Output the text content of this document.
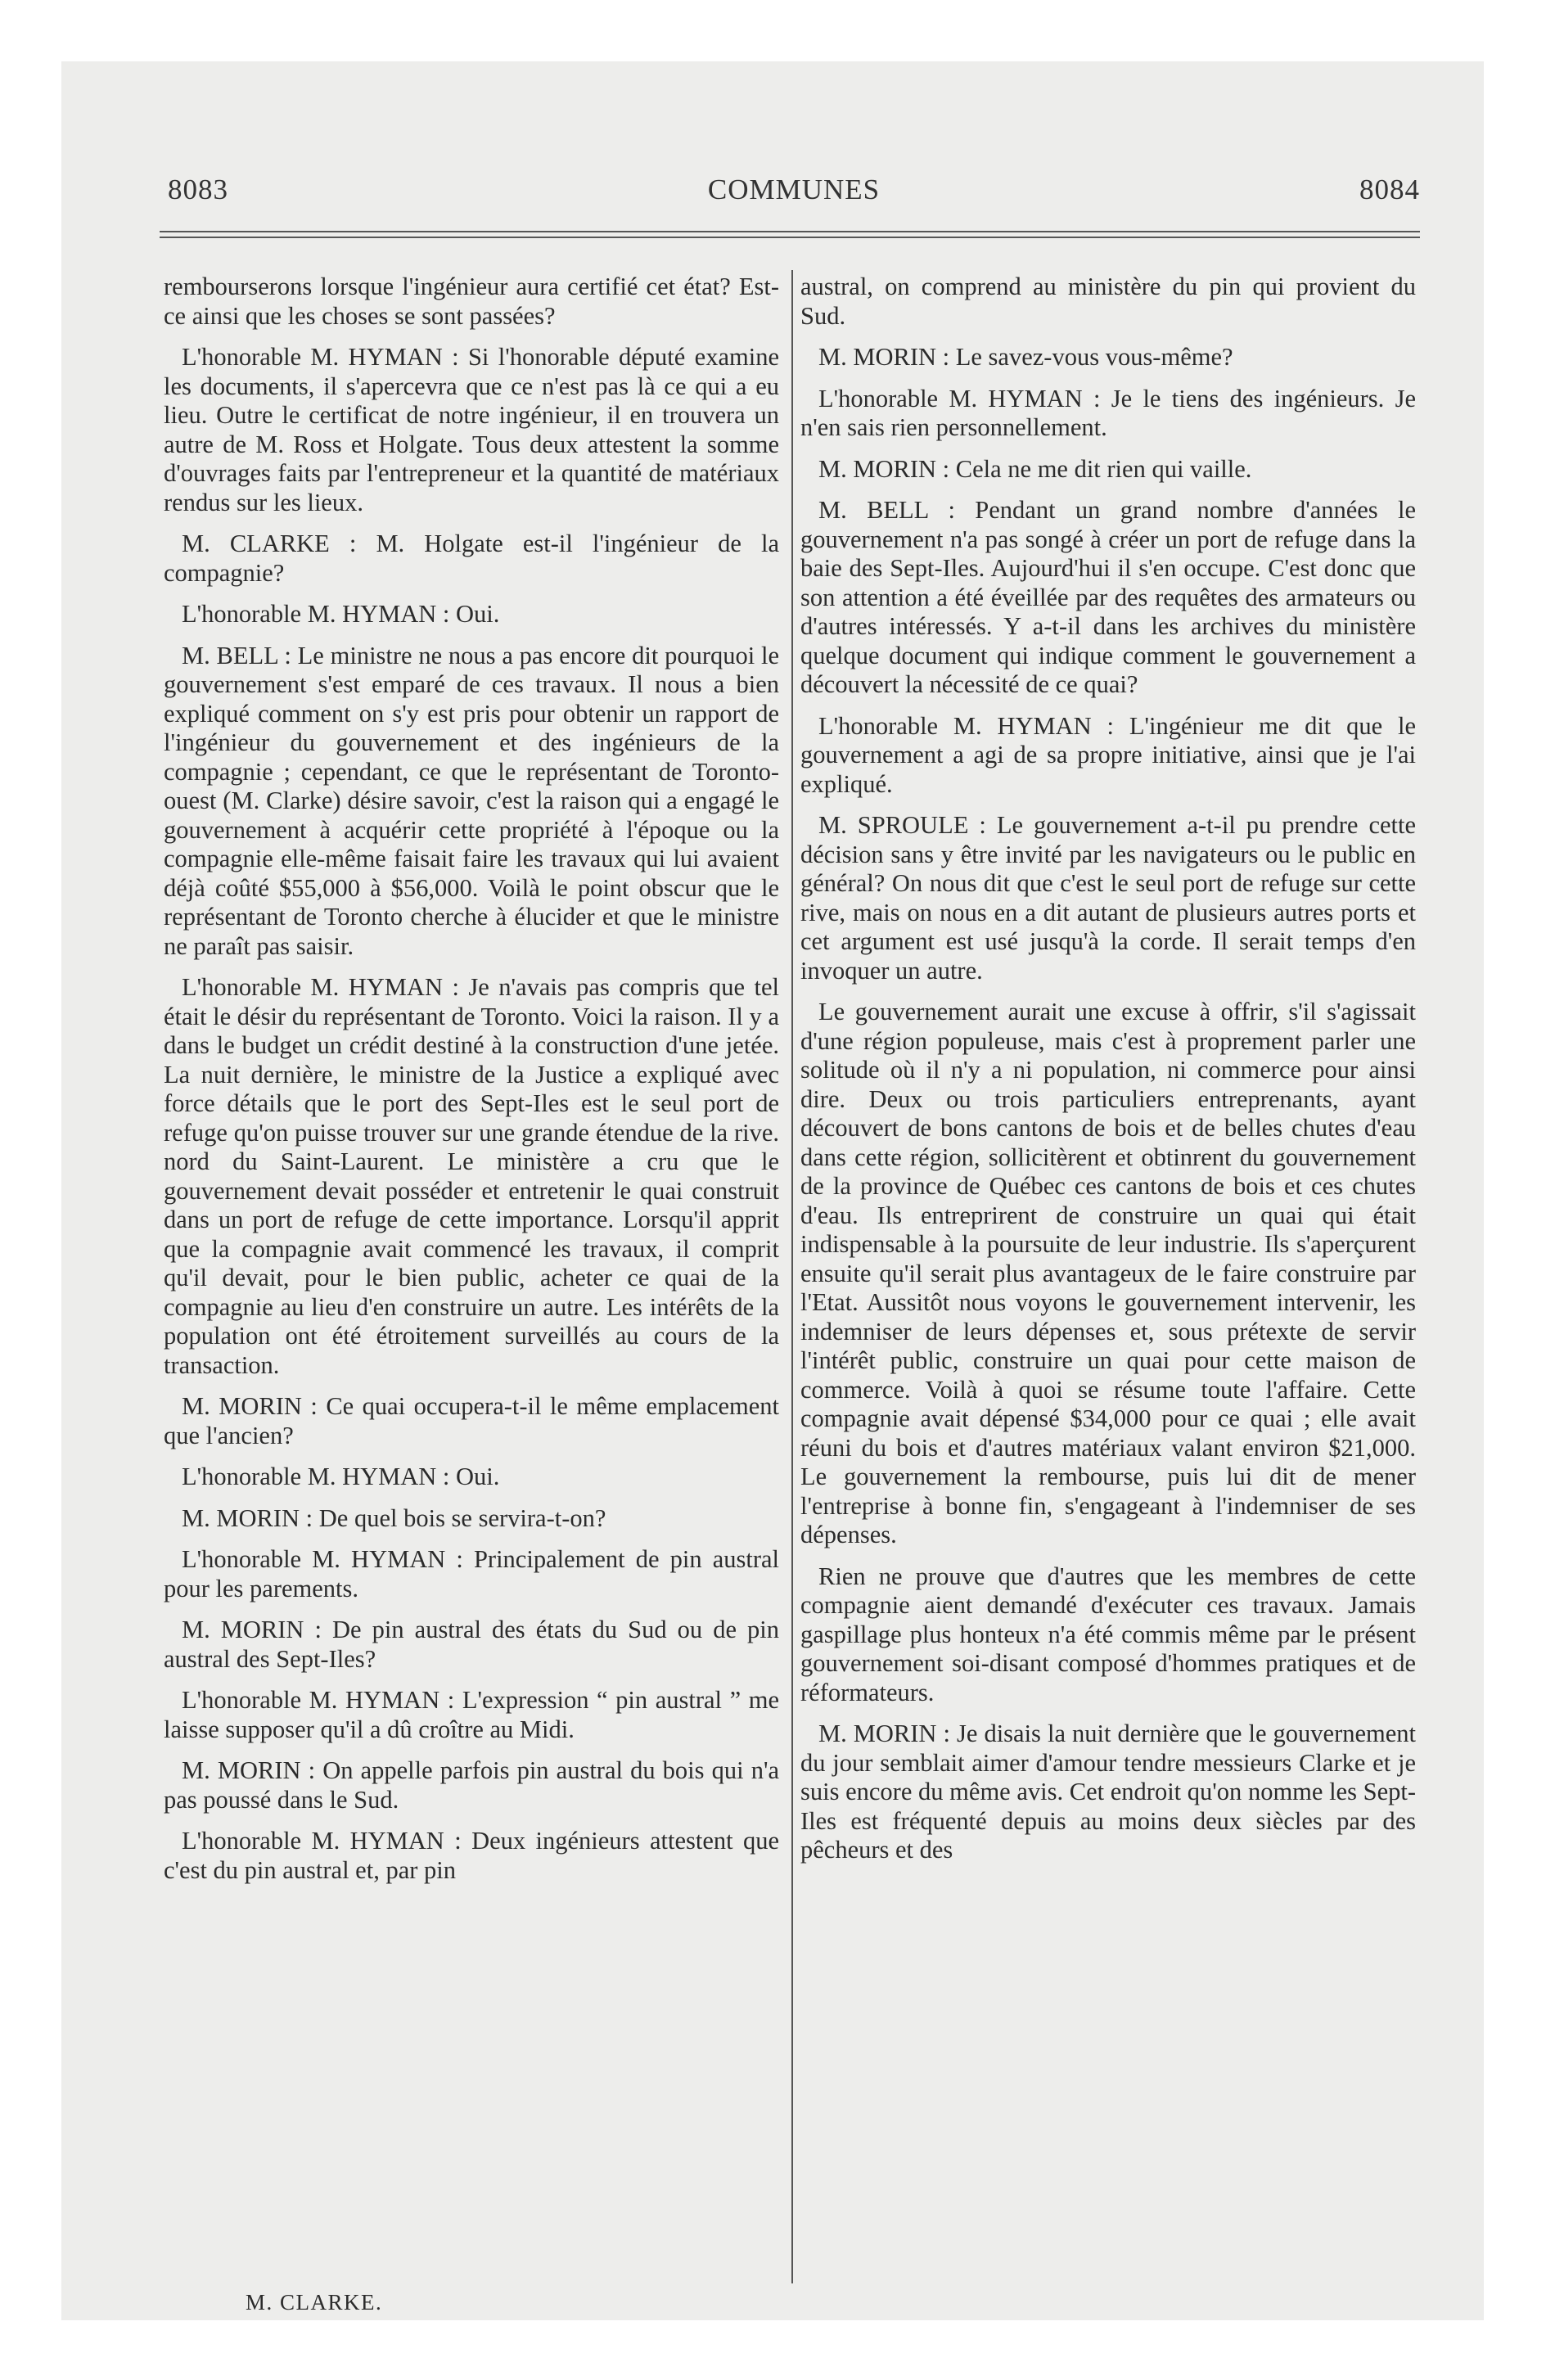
8083	COMMUNES	8084

rembourserons lorsque l'ingénieur aura certifié cet état? Est-ce ainsi que les choses se sont passées?

L'honorable M. HYMAN : Si l'honorable député examine les documents, il s'apercevra que ce n'est pas là ce qui a eu lieu. Outre le certificat de notre ingénieur, il en trouvera un autre de M. Ross et Holgate. Tous deux attestent la somme d'ouvrages faits par l'entrepreneur et la quantité de matériaux rendus sur les lieux.

M. CLARKE : M. Holgate est-il l'ingénieur de la compagnie?

L'honorable M. HYMAN : Oui.

M. BELL : Le ministre ne nous a pas encore dit pourquoi le gouvernement s'est emparé de ces travaux. Il nous a bien expliqué comment on s'y est pris pour obtenir un rapport de l'ingénieur du gouvernement et des ingénieurs de la compagnie ; cependant, ce que le représentant de Toronto-ouest (M. Clarke) désire savoir, c'est la raison qui a engagé le gouvernement à acquérir cette propriété à l'époque ou la compagnie elle-même faisait faire les travaux qui lui avaient déjà coûté $55,000 à $56,000. Voilà le point obscur que le représentant de Toronto cherche à élucider et que le ministre ne paraît pas saisir.

L'honorable M. HYMAN : Je n'avais pas compris que tel était le désir du représentant de Toronto. Voici la raison. Il y a dans le budget un crédit destiné à la construction d'une jetée. La nuit dernière, le ministre de la Justice a expliqué avec force détails que le port des Sept-Iles est le seul port de refuge qu'on puisse trouver sur une grande étendue de la rive. nord du Saint-Laurent. Le ministère a cru que le gouvernement devait posséder et entretenir le quai construit dans un port de refuge de cette importance. Lorsqu'il apprit que la compagnie avait commencé les travaux, il comprit qu'il devait, pour le bien public, acheter ce quai de la compagnie au lieu d'en construire un autre. Les intérêts de la population ont été étroitement surveillés au cours de la transaction.

M. MORIN : Ce quai occupera-t-il le même emplacement que l'ancien?

L'honorable M. HYMAN : Oui.

M. MORIN : De quel bois se servira-t-on?

L'honorable M. HYMAN : Principalement de pin austral pour les parements.

M. MORIN : De pin austral des états du Sud ou de pin austral des Sept-Iles?

L'honorable M. HYMAN : L'expression “ pin austral ” me laisse supposer qu'il a dû croître au Midi.

M. MORIN : On appelle parfois pin austral du bois qui n'a pas poussé dans le Sud.

L'honorable M. HYMAN : Deux ingénieurs attestent que c'est du pin austral et, par pin

austral, on comprend au ministère du pin qui provient du Sud.

M. MORIN : Le savez-vous vous-même?

L'honorable M. HYMAN : Je le tiens des ingénieurs. Je n'en sais rien personnellement.

M. MORIN : Cela ne me dit rien qui vaille.

M. BELL : Pendant un grand nombre d'années le gouvernement n'a pas songé à créer un port de refuge dans la baie des Sept-Iles. Aujourd'hui il s'en occupe. C'est donc que son attention a été éveillée par des requêtes des armateurs ou d'autres intéressés. Y a-t-il dans les archives du ministère quelque document qui indique comment le gouvernement a découvert la nécessité de ce quai?

L'honorable M. HYMAN : L'ingénieur me dit que le gouvernement a agi de sa propre initiative, ainsi que je l'ai expliqué.

M. SPROULE : Le gouvernement a-t-il pu prendre cette décision sans y être invité par les navigateurs ou le public en général? On nous dit que c'est le seul port de refuge sur cette rive, mais on nous en a dit autant de plusieurs autres ports et cet argument est usé jusqu'à la corde. Il serait temps d'en invoquer un autre.

Le gouvernement aurait une excuse à offrir, s'il s'agissait d'une région populeuse, mais c'est à proprement parler une solitude où il n'y a ni population, ni commerce pour ainsi dire. Deux ou trois particuliers entreprenants, ayant découvert de bons cantons de bois et de belles chutes d'eau dans cette région, sollicitèrent et obtinrent du gouvernement de la province de Québec ces cantons de bois et ces chutes d'eau. Ils entreprirent de construire un quai qui était indispensable à la poursuite de leur industrie. Ils s'aperçurent ensuite qu'il serait plus avantageux de le faire construire par l'Etat. Aussitôt nous voyons le gouvernement intervenir, les indemniser de leurs dépenses et, sous prétexte de servir l'intérêt public, construire un quai pour cette maison de commerce. Voilà à quoi se résume toute l'affaire. Cette compagnie avait dépensé $34,000 pour ce quai ; elle avait réuni du bois et d'autres matériaux valant environ $21,000. Le gouvernement la rembourse, puis lui dit de mener l'entreprise à bonne fin, s'engageant à l'indemniser de ses dépenses.

Rien ne prouve que d'autres que les membres de cette compagnie aient demandé d'exécuter ces travaux. Jamais gaspillage plus honteux n'a été commis même par le présent gouvernement soi-disant composé d'hommes pratiques et de réformateurs.

M. MORIN : Je disais la nuit dernière que le gouvernement du jour semblait aimer d'amour tendre messieurs Clarke et je suis encore du même avis. Cet endroit qu'on nomme les Sept-Iles est fréquenté depuis au moins deux siècles par des pêcheurs et des

M. CLARKE.
